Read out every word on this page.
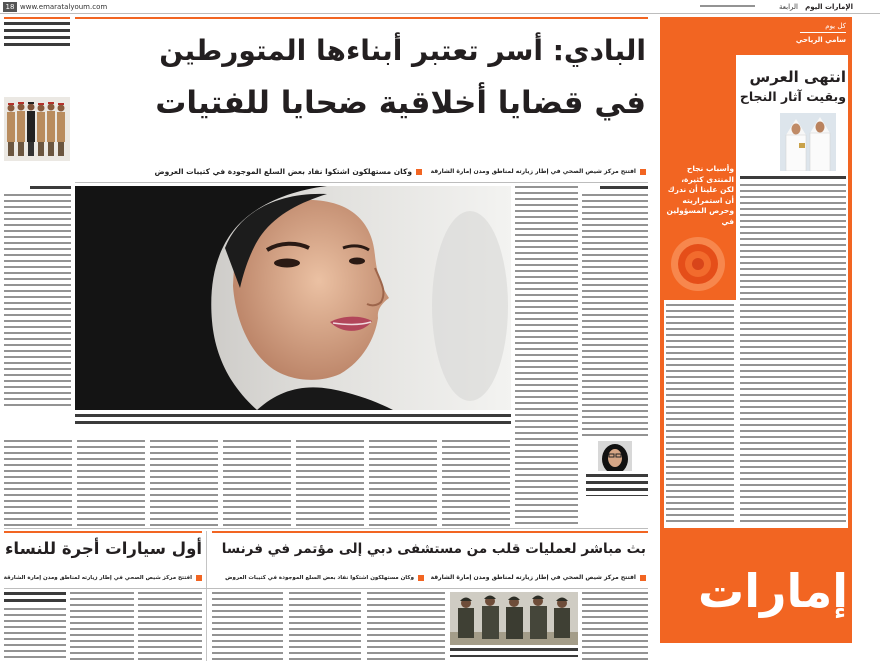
18 www.emaratalyoum.com	الرابعة	الإمارات اليوم
البادي: أسر تعتبر أبناءها المتورطين
في قضايا أخلاقية ضحايا للفتيات
افتتح مركز شيص الصحي في إطار زيارته لمناطق ومدن إمارة الشارقة
وكان مستهلكون اشتكوا نفاد بعض السلع الموجودة في كتيبات العروض
بث مباشر لعمليات قلب من مستشفى دبي إلى مؤتمر في فرنسا
أول سيارات أجرة للنساء
افتتح مركز شيص الصحي في إطار زيارته لمناطق ومدن إمارة الشارقة
وكان مستهلكون اشتكوا نفاد بعض السلع الموجودة في كتيبات العروض
افتتح مركز شيص الصحي في إطار زيارته لمناطق ومدن إمارة الشارقة
كل يوم
سامي الرياحي
انتهى العرس
وبقيت آثار النجاح
وأسباب نجاح المنتدى كثيرة، لكن علينا أن ندرك أن استمراريته وحرص المسؤولين في
إمارات
